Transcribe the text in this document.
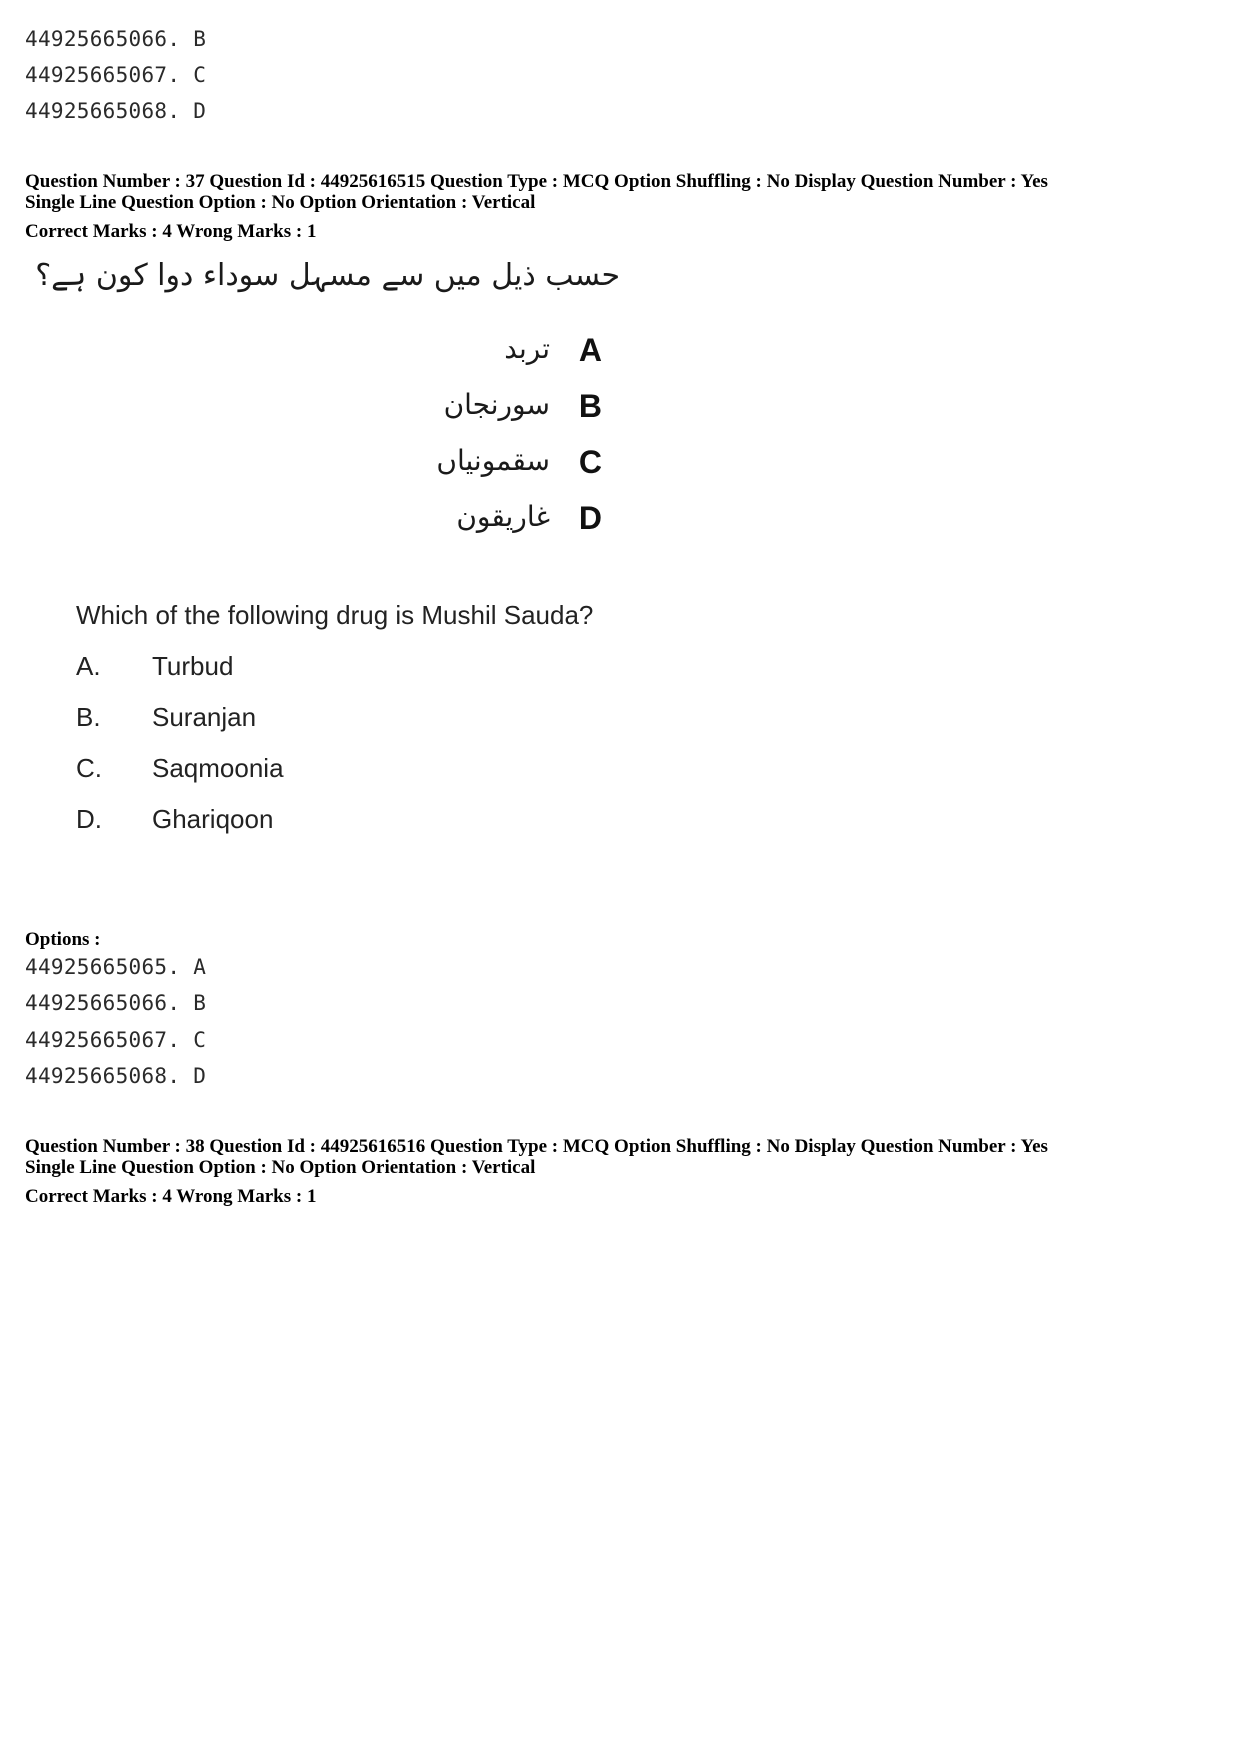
44925665066. B
44925665067. C
44925665068. D
Question Number : 37 Question Id : 44925616515 Question Type : MCQ Option Shuffling : No Display Question Number : Yes
Single Line Question Option : No Option Orientation : Vertical
Correct Marks : 4 Wrong Marks : 1
حسب ذیل میں سے مسہل سوداء دوا کون ہے؟
A
تربد
B
سورنجان
C
سقمونیاں
D
غاریقون
Which of the following drug is Mushil Sauda?
A. Turbud
B. Suranjan
C. Saqmoonia
D. Ghariqoon
Options :
44925665065. A
44925665066. B
44925665067. C
44925665068. D
Question Number : 38 Question Id : 44925616516 Question Type : MCQ Option Shuffling : No Display Question Number : Yes
Single Line Question Option : No Option Orientation : Vertical
Correct Marks : 4 Wrong Marks : 1
